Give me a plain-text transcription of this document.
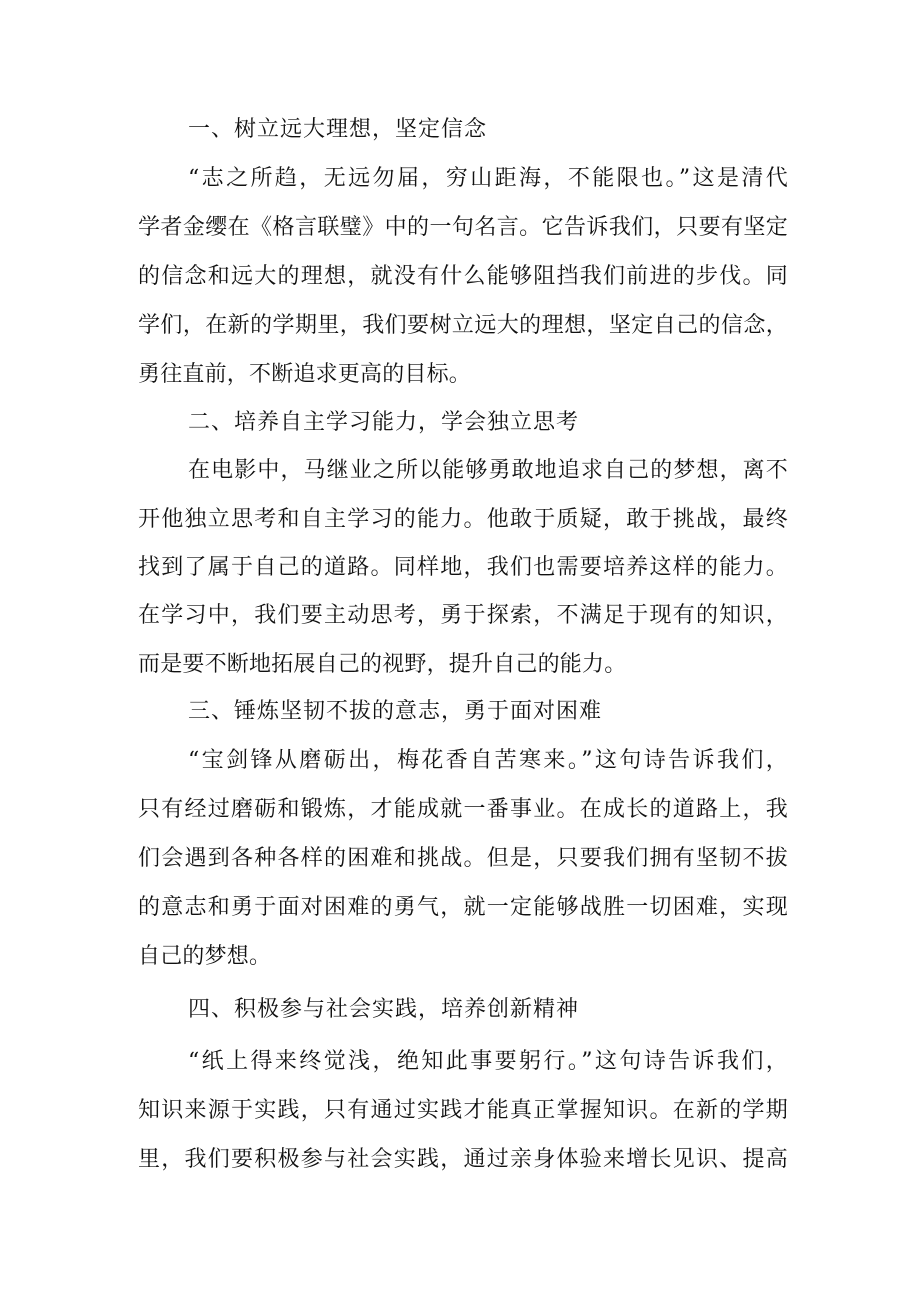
一、树立远大理想，坚定信念
“志之所趋，无远勿届，穷山距海，不能限也。”这是清代
学者金缨在《格言联璧》中的一句名言。它告诉我们，只要有坚定
的信念和远大的理想，就没有什么能够阻挡我们前进的步伐。同
学们，在新的学期里，我们要树立远大的理想，坚定自己的信念，
勇往直前，不断追求更高的目标。
二、培养自主学习能力，学会独立思考
在电影中，马继业之所以能够勇敢地追求自己的梦想，离不
开他独立思考和自主学习的能力。他敢于质疑，敢于挑战，最终
找到了属于自己的道路。同样地，我们也需要培养这样的能力。
在学习中，我们要主动思考，勇于探索，不满足于现有的知识，
而是要不断地拓展自己的视野，提升自己的能力。
三、锤炼坚韧不拔的意志，勇于面对困难
“宝剑锋从磨砺出，梅花香自苦寒来。”这句诗告诉我们，
只有经过磨砺和锻炼，才能成就一番事业。在成长的道路上，我
们会遇到各种各样的困难和挑战。但是，只要我们拥有坚韧不拔
的意志和勇于面对困难的勇气，就一定能够战胜一切困难，实现
自己的梦想。
四、积极参与社会实践，培养创新精神
“纸上得来终觉浅，绝知此事要躬行。”这句诗告诉我们，
知识来源于实践，只有通过实践才能真正掌握知识。在新的学期
里，我们要积极参与社会实践，通过亲身体验来增长见识、提高
